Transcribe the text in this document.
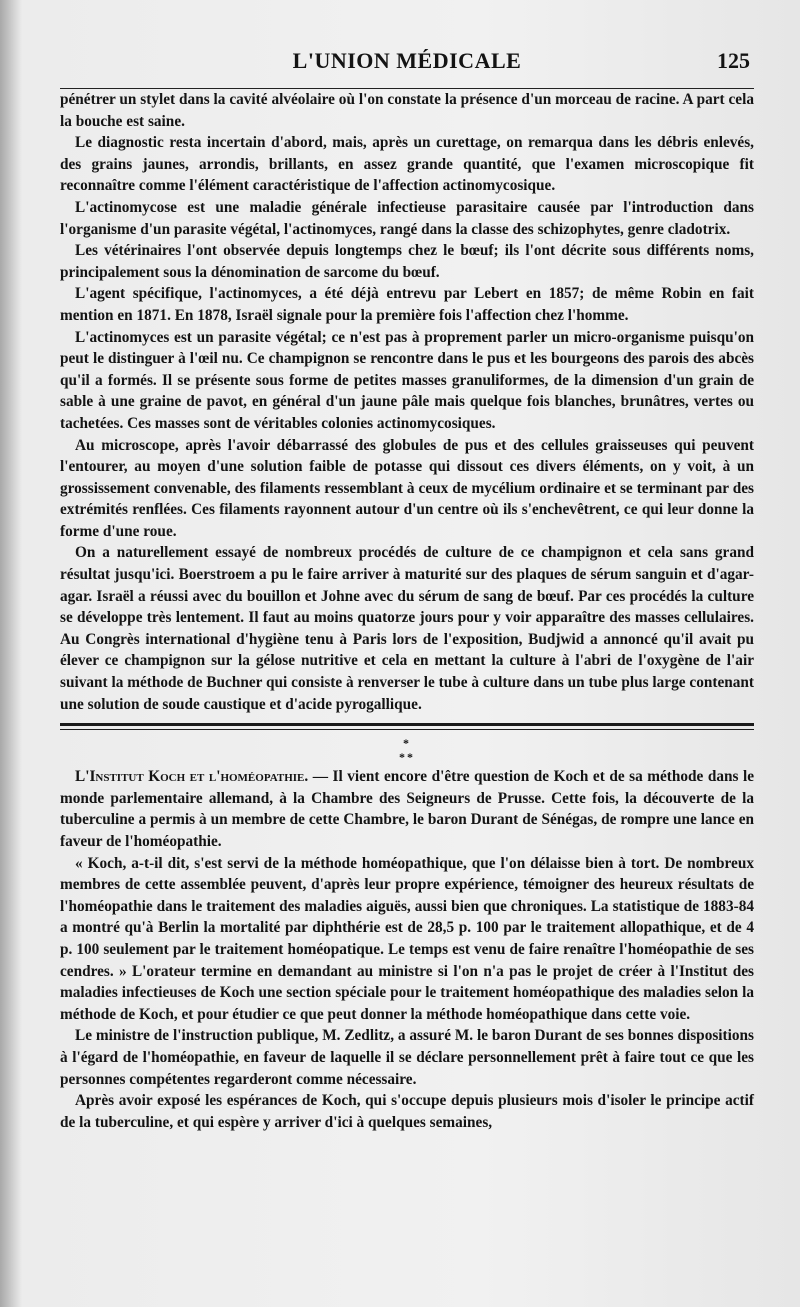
L'UNION MÉDICALE	125

pénétrer un stylet dans la cavité alvéolaire où l'on constate la présence d'un morceau de racine. A part cela la bouche est saine.

Le diagnostic resta incertain d'abord, mais, après un curettage, on remarqua dans les débris enlevés, des grains jaunes, arrondis, brillants, en assez grande quantité, que l'examen microscopique fit reconnaître comme l'élément caractéristique de l'affection actinomycosique.

L'actinomycose est une maladie générale infectieuse parasitaire causée par l'introduction dans l'organisme d'un parasite végétal, l'actinomyces, rangé dans la classe des schizophytes, genre cladotrix.

Les vétérinaires l'ont observée depuis longtemps chez le bœuf; ils l'ont décrite sous différents noms, principalement sous la dénomination de sarcome du bœuf.

L'agent spécifique, l'actinomyces, a été déjà entrevu par Lebert en 1857; de même Robin en fait mention en 1871. En 1878, Israël signale pour la première fois l'affection chez l'homme.

L'actinomyces est un parasite végétal; ce n'est pas à proprement parler un micro-organisme puisqu'on peut le distinguer à l'œil nu. Ce champignon se rencontre dans le pus et les bourgeons des parois des abcès qu'il a formés. Il se présente sous forme de petites masses granuliformes, de la dimension d'un grain de sable à une graine de pavot, en général d'un jaune pâle mais quelque fois blanches, brunâtres, vertes ou tachetées. Ces masses sont de véritables colonies actinomycosiques.

Au microscope, après l'avoir débarrassé des globules de pus et des cellules graisseuses qui peuvent l'entourer, au moyen d'une solution faible de potasse qui dissout ces divers éléments, on y voit, à un grossissement convenable, des filaments ressemblant à ceux de mycélium ordinaire et se terminant par des extrémités renflées. Ces filaments rayonnent autour d'un centre où ils s'enchevêtrent, ce qui leur donne la forme d'une roue.

On a naturellement essayé de nombreux procédés de culture de ce champignon et cela sans grand résultat jusqu'ici. Boerstroem a pu le faire arriver à maturité sur des plaques de sérum sanguin et d'agar-agar. Israël a réussi avec du bouillon et Johne avec du sérum de sang de bœuf. Par ces procédés la culture se développe très lentement. Il faut au moins quatorze jours pour y voir apparaître des masses cellulaires. Au Congrès international d'hygiène tenu à Paris lors de l'exposition, Budjwid a annoncé qu'il avait pu élever ce champignon sur la gélose nutritive et cela en mettant la culture à l'abri de l'oxygène de l'air suivant la méthode de Buchner qui consiste à renverser le tube à culture dans un tube plus large contenant une solution de soude caustique et d'acide pyrogallique.

*
**

L'Institut Koch et l'homéopathie. — Il vient encore d'être question de Koch et de sa méthode dans le monde parlementaire allemand, à la Chambre des Seigneurs de Prusse. Cette fois, la découverte de la tuberculine a permis à un membre de cette Chambre, le baron Durant de Sénégas, de rompre une lance en faveur de l'homéopathie.

« Koch, a-t-il dit, s'est servi de la méthode homéopathique, que l'on délaisse bien à tort. De nombreux membres de cette assemblée peuvent, d'après leur propre expérience, témoigner des heureux résultats de l'homéopathie dans le traitement des maladies aiguës, aussi bien que chroniques. La statistique de 1883-84 a montré qu'à Berlin la mortalité par diphthérie est de 28,5 p. 100 par le traitement allopathique, et de 4 p. 100 seulement par le traitement homéopatique. Le temps est venu de faire renaître l'homéopathie de ses cendres. » L'orateur termine en demandant au ministre si l'on n'a pas le projet de créer à l'Institut des maladies infectieuses de Koch une section spéciale pour le traitement homéopathique des maladies selon la méthode de Koch, et pour étudier ce que peut donner la méthode homéopathique dans cette voie.

Le ministre de l'instruction publique, M. Zedlitz, a assuré M. le baron Durant de ses bonnes dispositions à l'égard de l'homéopathie, en faveur de laquelle il se déclare personnellement prêt à faire tout ce que les personnes compétentes regarderont comme nécessaire.

Après avoir exposé les espérances de Koch, qui s'occupe depuis plusieurs mois d'isoler le principe actif de la tuberculine, et qui espère y arriver d'ici à quelques semaines,
